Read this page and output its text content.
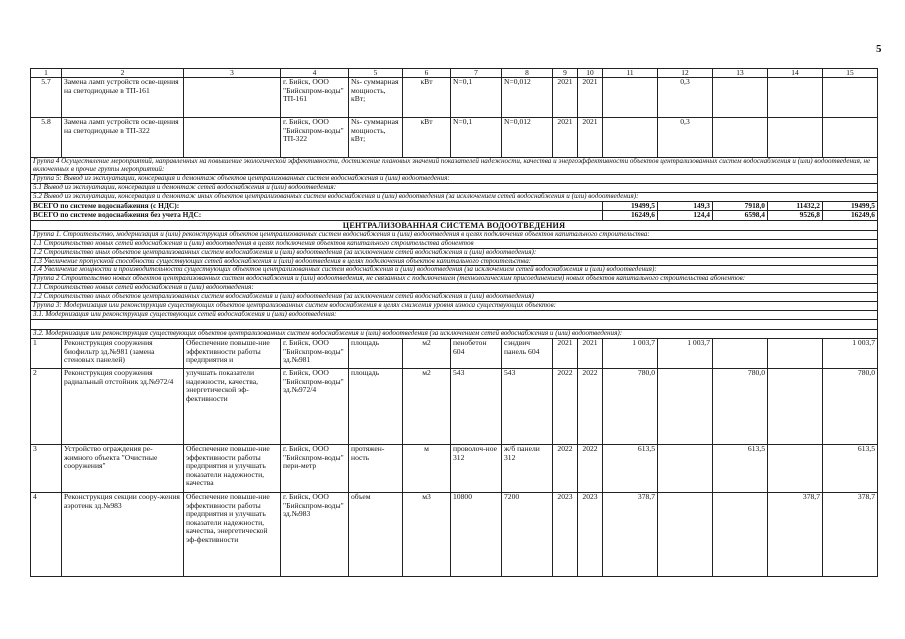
5
1	2	3	4	5	6	7	8	9	10	11	12	13	14	15
5.7	Замена ламп устройств осве-щения на светодиодные в ТП-161		г. Бийск, ООО "Бийскпром-воды" ТП-161	Ns- суммарная мощность, кВт;	кВт	N=0,1	N=0,012	2021	2021		0,3			
5.8	Замена ламп устройств осве-щения на светодиодные в ТП-322		г. Бийск, ООО "Бийскпром-воды" ТП-322	Ns- суммарная мощность, кВт;	кВт	N=0,1	N=0,012	2021	2021		0,3			
Группа 4 Осуществление мероприятий, направленных на повышение экологической эффективности, достижение плановых значений показателей надежности, качества и энергоэффективности объектов централизованных систем водоснабжения и (или) водоотведения, не включенных в прочие группы мероприятий:														
Группа 5: Вывод из эксплуатации, консервация и демонтаж объектов централизованных систем водоснабжения и (или) водоотведения:														
5.1 Вывод из эксплуатации, консервация и демонтаж сетей водоснабжения и (или) водоотведения:														
5.2 Вывод из эксплуатации, консервация и демонтаж иных объектов централизованных систем водоснабжения и (или) водоотведения (за исключением сетей водоснабжения и (или) водоотведения):														
ВСЕГО по системе водоснабжения (с НДС):										19499,5	149,3	7918,0	11432,2	19499,5
ВСЕГО по системе водоснабжения без учета НДС:										16249,6	124,4	6598,4	9526,8	16249,6
ЦЕНТРАЛИЗОВАННАЯ СИСТЕМА ВОДООТВЕДЕНИЯ														
Группа 1. Строительство, модернизация и (или) реконструкция объектов централизованных систем водоснабжения и (или) водоотведения в целях подключения объектов капитального строительства:														
1.1 Строительство новых сетей водоснабжения и (или) водоотведения в целях подключения объектов капитального строительства абонентов														
1.2 Строительство иных объектов централизованных систем водоснабжения и (или) водоотведения (за исключением сетей водоснабжения и (или) водоотведения):														
1.3 Увеличение пропускной способности существующих сетей водоснабжения и (или) водоотведения в целях подключения объектов капитального строительства:														
1.4 Увеличение мощности и производительности существующих объектов централизованных систем водоснабжения и (или) водоотведения (за исключением сетей водоснабжения и (или) водоотведения):														
Группа 2 Строительство новых объектов централизованных систем водоснабжения и (или) водоотведения, не связанных с подключением (технологическим присоединением) новых объектов капитального строительства абонентов:														
1.1 Строительство новых сетей водоснабжения и (или) водоотведения:														
1.2 Строительство иных объектов централизованных систем водоснабжения и (или) водоотведения (за исключением сетей водоснабжения и (или) водоотведения)														
Группа 3: Модернизация или реконструкция существующих объектов централизованных систем водоснабжения в целях снижения уровня износа существующих объектов:														
3.1. Модернизация или реконструкция существующих сетей водоснабжения и (или) водоотведения:														

3.2. Модернизация или реконструкция существующих объектов централизованных систем водоснабжения и (или) водоотведения (за исключением сетей водоснабжения и (или) водоотведения):														
1	Реконструкция сооружения биофильтр зд.№981 (замена стеновых панелей)	Обеспечение повыше-ние эффективности работы предприятия и	г. Бийск, ООО "Бийскпром-воды" зд.№981	площадь	м2	пенобетон 604	сэндвич панель 604	2021	2021	1 003,7	1 003,7			1 003,7
2	Реконструкция сооружения радиальный отстойник зд.№972/4	улучшать показатели надежности, качества, энергетической эф-фективности	г. Бийск, ООО "Бийскпром-воды" зд.№972/4	площадь	м2	543	543	2022	2022	780,0		780,0		780,0
3	Устройство ограждения ре-жимного объекта "Очистные сооружения"	Обеспечение повыше-ние эффективности работы предприятия и улучшать показатели надежности, качества	г. Бийск, ООО "Бийскпром-воды" пери-метр	протяжен-ность	м	проволоч-ное 312	ж/б панели 312	2022	2022	613,5		613,5		613,5
4	Реконструкция секции соору-жения аэротенк зд.№983	Обеспечение повыше-ние эффективности работы предприятия и улучшать показатели надежности, качества, энергетической эф-фективности	г. Бийск, ООО "Бийскпром-воды" зд.№983	объем	м3	10800	7200	2023	2023	378,7			378,7	378,7
